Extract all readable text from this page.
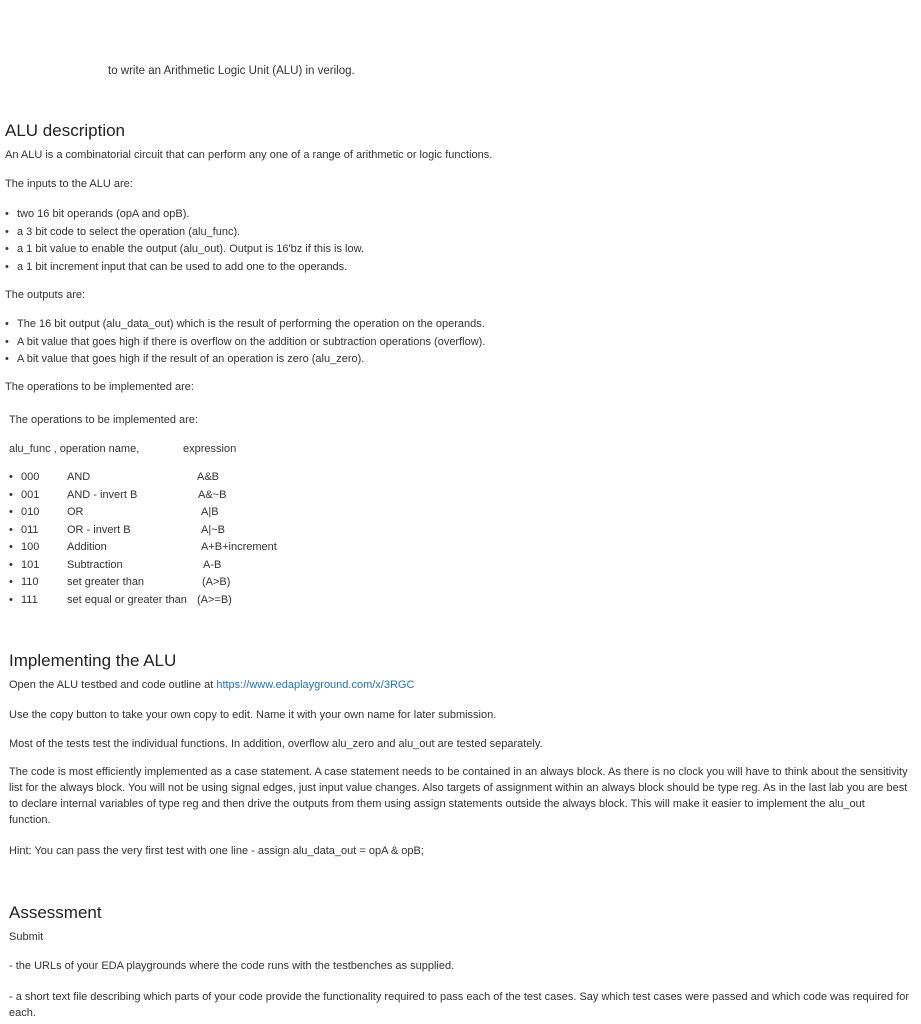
to write an Arithmetic Logic Unit (ALU) in verilog.
ALU description
An ALU is a combinatorial circuit that can perform any one of a range of arithmetic or logic functions.
The inputs to the ALU are:
• two 16 bit operands (opA and opB).
• a 3 bit code to select the operation (alu_func).
• a 1 bit value to enable the output (alu_out). Output is 16'bz if this is low.
• a 1 bit increment input that can be used to add one to the operands.
The outputs are:
• The 16 bit output (alu_data_out) which is the result of performing the operation on the operands.
• A bit value that goes high if there is overflow on the addition or subtraction operations (overflow).
• A bit value that goes high if the result of an operation is zero (alu_zero).
The operations to be implemented are:
The operations to be implemented are:
alu_func , operation name,	expression
• 000	AND	A&B
• 001	AND - invert B	A&~B
• 010	OR	A|B
• 011	OR - invert B	A|~B
• 100	Addition	A+B+increment
• 101	Subtraction	A-B
• 110	set greater than	(A>B)
• 111	set equal or greater than (A>=B)
Implementing the ALU
Open the ALU testbed and code outline at https://www.edaplayground.com/x/3RGC
Use the copy button to take your own copy to edit. Name it with your own name for later submission.
Most of the tests test the individual functions. In addition, overflow alu_zero and alu_out are tested separately.
The code is most efficiently implemented as a case statement. A case statement needs to be contained in an always block. As there is no clock you will have to think about the sensitivity list for the always block. You will not be using signal edges, just input value changes. Also targets of assignment within an always block should be type reg. As in the last lab you are best to declare internal variables of type reg and then drive the outputs from them using assign statements outside the always block. This will make it easier to implement the alu_out function.
Hint: You can pass the very first test with one line - assign alu_data_out = opA & opB;
Assessment
Submit
- the URLs of your EDA playgrounds where the code runs with the testbenches as supplied.
- a short text file describing which parts of your code provide the functionality required to pass each of the test cases. Say which test cases were passed and which code was required for each.
